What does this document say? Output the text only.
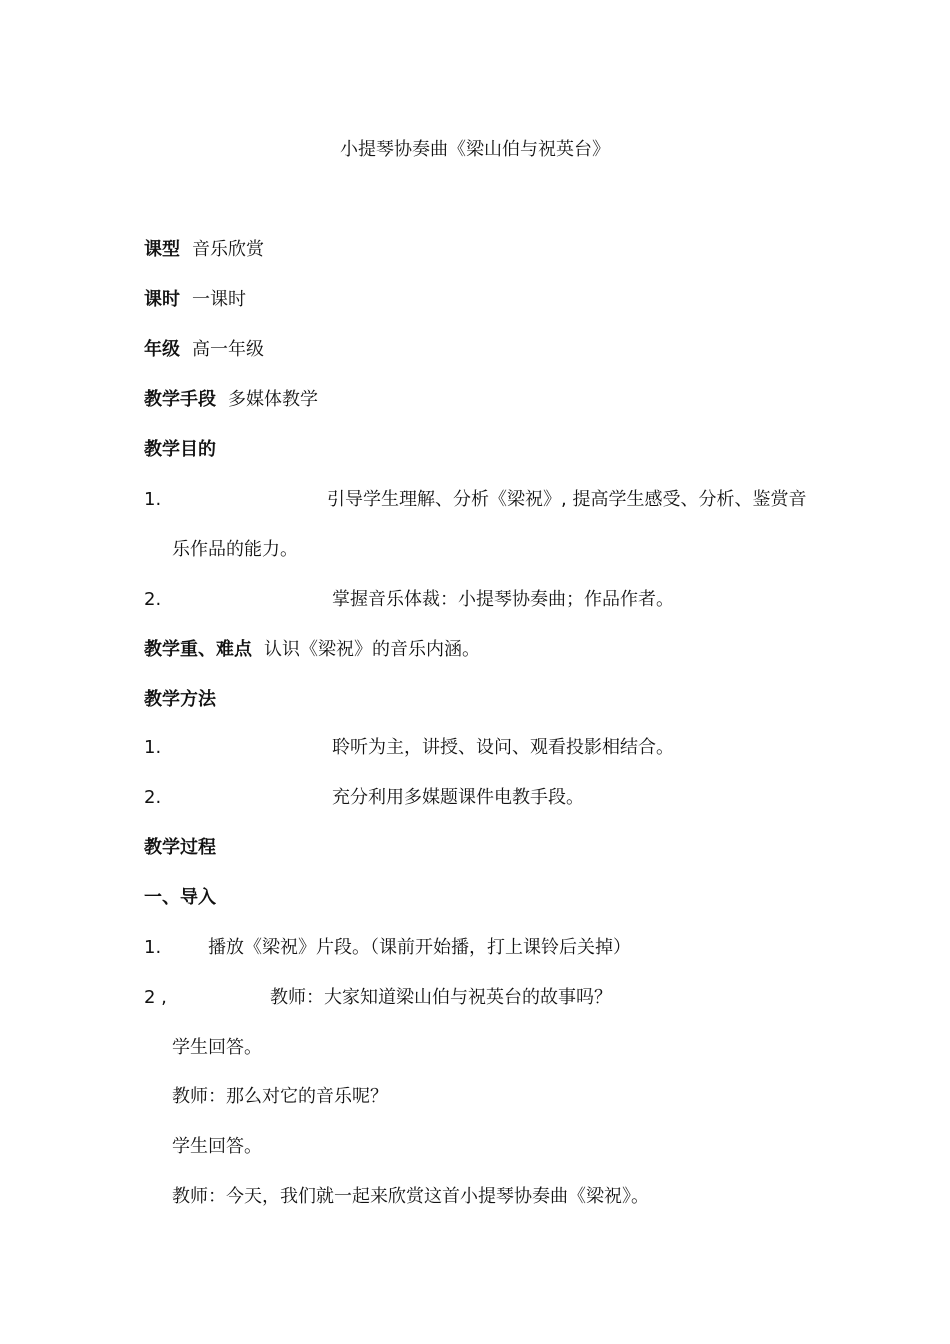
小提琴协奏曲《梁山伯与祝英台》
课型 音乐欣赏
课时 一课时
年级 高一年级
教学手段 多媒体教学
教学目的
1.	引导学生理解、分析《梁祝》, 提高学生感受、分析、鉴赏音
乐作品的能力。
2.	掌握音乐体裁：小提琴协奏曲；作品作者。
教学重、难点 认识《梁祝》的音乐内涵。
教学方法
1.	聆听为主，讲授、设问、观看投影相结合。
2.	充分利用多媒题课件电教手段。
教学过程
一、导入
1.	播放《梁祝》片段。（课前开始播，打上课铃后关掉）
2 ,	教师：大家知道梁山伯与祝英台的故事吗？
学生回答。
教师：那么对它的音乐呢？
学生回答。
教师：今天，我们就一起来欣赏这首小提琴协奏曲《梁祝》。
